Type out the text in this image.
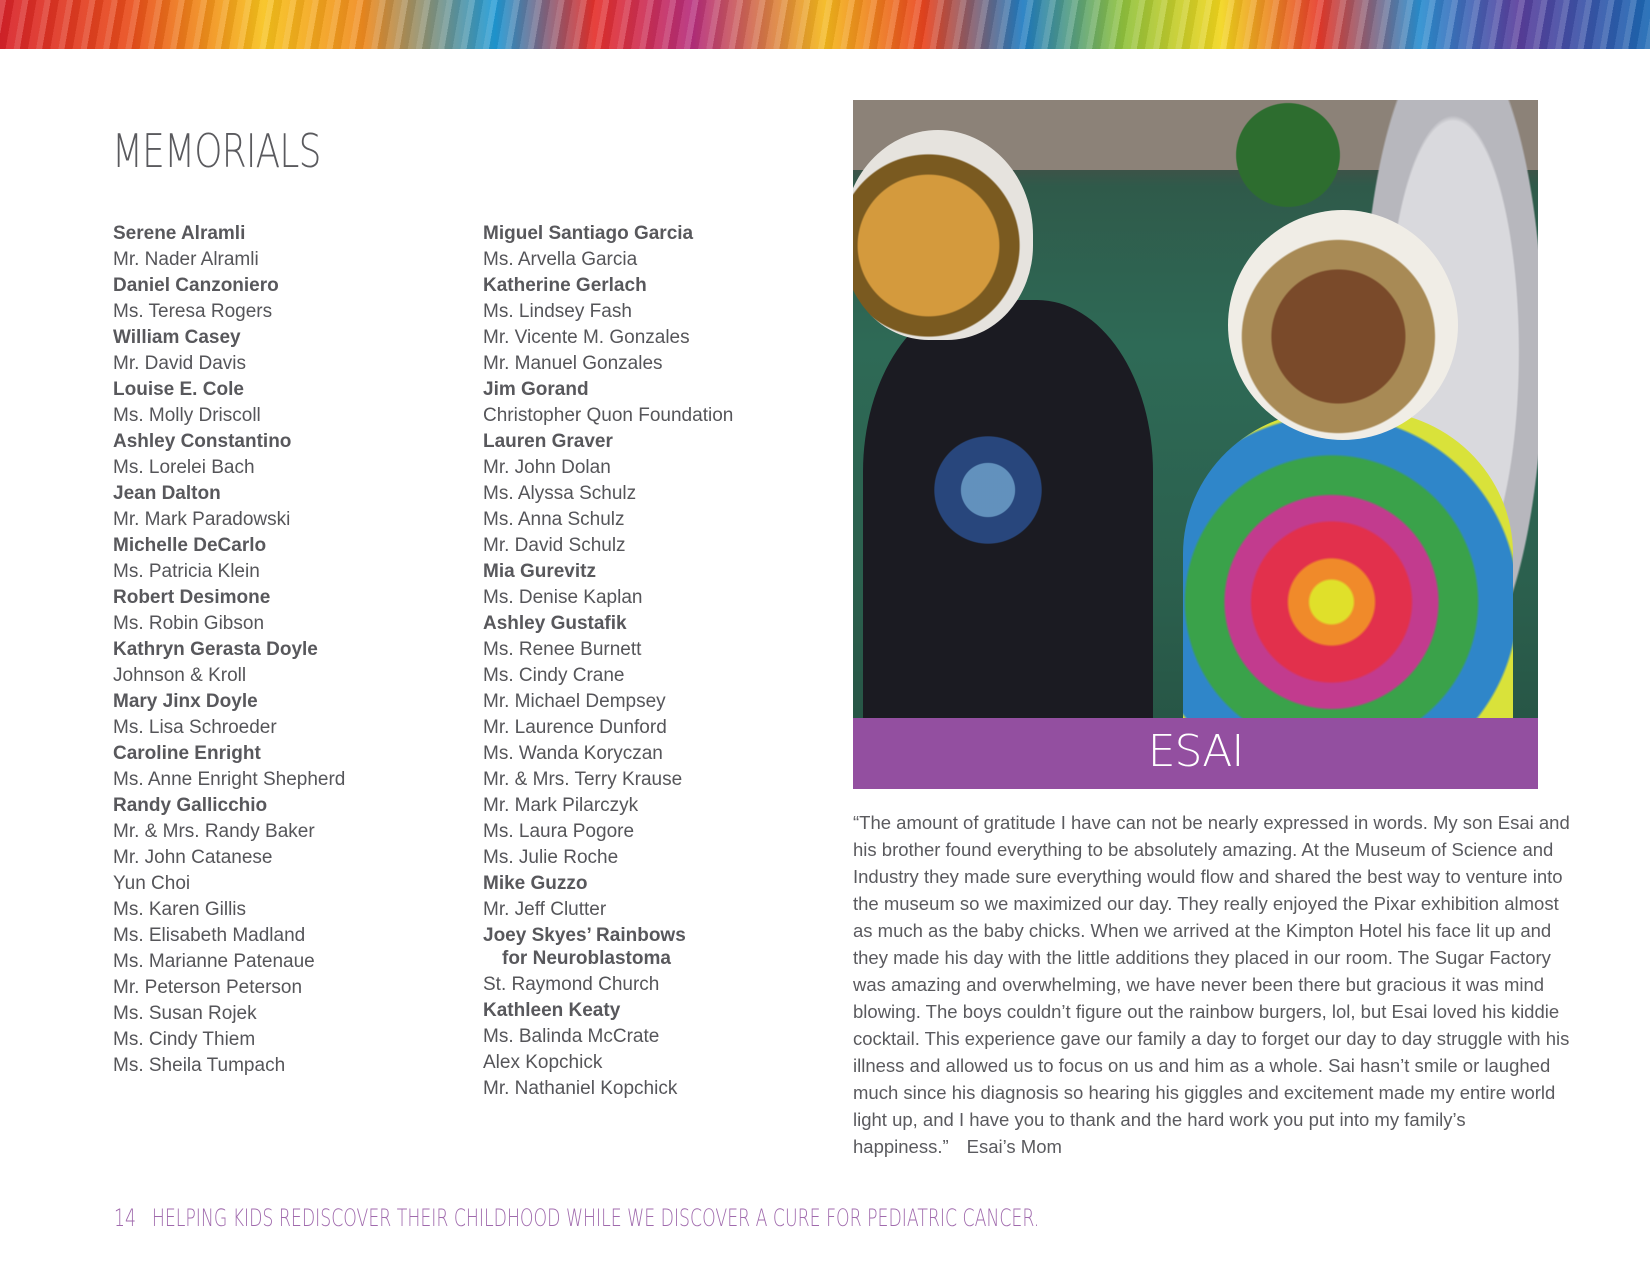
MEMORIALS
Serene Alramli
Mr. Nader Alramli
Daniel Canzoniero
Ms. Teresa Rogers
William Casey
Mr. David Davis
Louise E. Cole
Ms. Molly Driscoll
Ashley Constantino
Ms. Lorelei Bach
Jean Dalton
Mr. Mark Paradowski
Michelle DeCarlo
Ms. Patricia Klein
Robert Desimone
Ms. Robin Gibson
Kathryn Gerasta Doyle
Johnson & Kroll
Mary Jinx Doyle
Ms. Lisa Schroeder
Caroline Enright
Ms. Anne Enright Shepherd
Randy Gallicchio
Mr. & Mrs. Randy Baker
Mr. John Catanese
Yun Choi
Ms. Karen Gillis
Ms. Elisabeth Madland
Ms. Marianne Patenaue
Mr. Peterson Peterson
Ms. Susan Rojek
Ms. Cindy Thiem
Ms. Sheila Tumpach
Miguel Santiago Garcia
Ms. Arvella Garcia
Katherine Gerlach
Ms. Lindsey Fash
Mr. Vicente M. Gonzales
Mr. Manuel Gonzales
Jim Gorand
Christopher Quon Foundation
Lauren Graver
Mr. John Dolan
Ms. Alyssa Schulz
Ms. Anna Schulz
Mr. David Schulz
Mia Gurevitz
Ms. Denise Kaplan
Ashley Gustafik
Ms. Renee Burnett
Ms. Cindy Crane
Mr. Michael Dempsey
Mr. Laurence Dunford
Ms. Wanda Koryczan
Mr. & Mrs. Terry Krause
Mr. Mark Pilarczyk
Ms. Laura Pogore
Ms. Julie Roche
Mike Guzzo
Mr. Jeff Clutter
Joey Skyes’ Rainbows
for Neuroblastoma
St. Raymond Church
Kathleen Keaty
Ms. Balinda McCrate
Alex Kopchick
Mr. Nathaniel Kopchick
ESAI
“The amount of gratitude I have can not be nearly expressed in words. My son Esai and his brother found everything to be absolutely amazing. At the Museum of Science and Industry they made sure everything would flow and shared the best way to venture into the museum so we maximized our day. They really enjoyed the Pixar exhibition almost as much as the baby chicks. When we arrived at the Kimpton Hotel his face lit up and they made his day with the little additions they placed in our room. The Sugar Factory was amazing and overwhelming, we have never been there but gracious it was mind blowing. The boys couldn’t figure out the rainbow burgers, lol, but Esai loved his kiddie cocktail. This experience gave our family a day to forget our day to day struggle with his illness and allowed us to focus on us and him as a whole. Sai hasn’t smile or laughed much since his diagnosis so hearing his giggles and excitement made my entire world light up, and I have you to thank and the hard work you put into my family’s happiness.” Esai’s Mom
14 HELPING KIDS REDISCOVER THEIR CHILDHOOD WHILE WE DISCOVER A CURE FOR PEDIATRIC CANCER.
